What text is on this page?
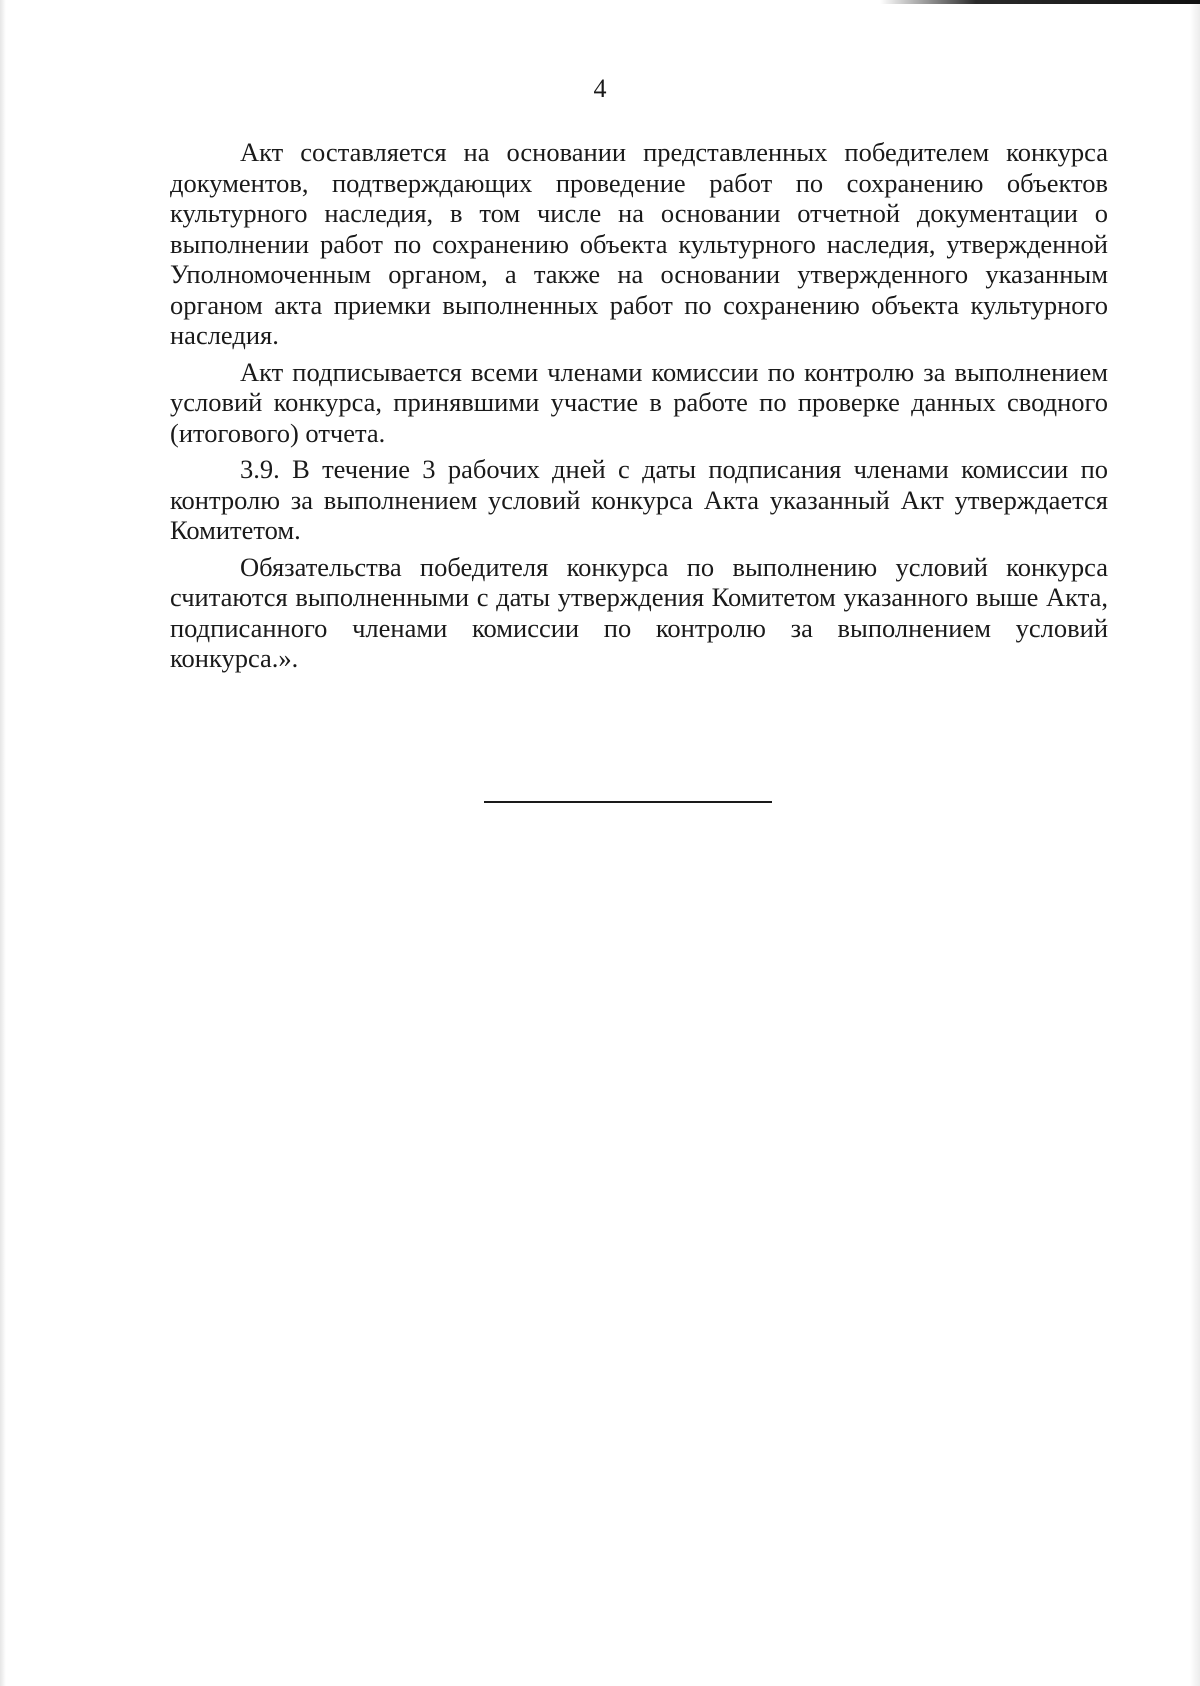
4

Акт составляется на основании представленных победителем конкурса документов, подтверждающих проведение работ по сохранению объектов культурного наследия, в том числе на основании отчетной документации о выполнении работ по сохранению объекта культурного наследия, утвержденной Уполномоченным органом, а также на основании утвержденного указанным органом акта приемки выполненных работ по сохранению объекта культурного наследия.

Акт подписывается всеми членами комиссии по контролю за выполнением условий конкурса, принявшими участие в работе по проверке данных сводного (итогового) отчета.

3.9. В течение 3 рабочих дней с даты подписания членами комиссии по контролю за выполнением условий конкурса Акта указанный Акт утверждается Комитетом.

Обязательства победителя конкурса по выполнению условий конкурса считаются выполненными с даты утверждения Комитетом указанного выше Акта, подписанного членами комиссии по контролю за выполнением условий конкурса.».
